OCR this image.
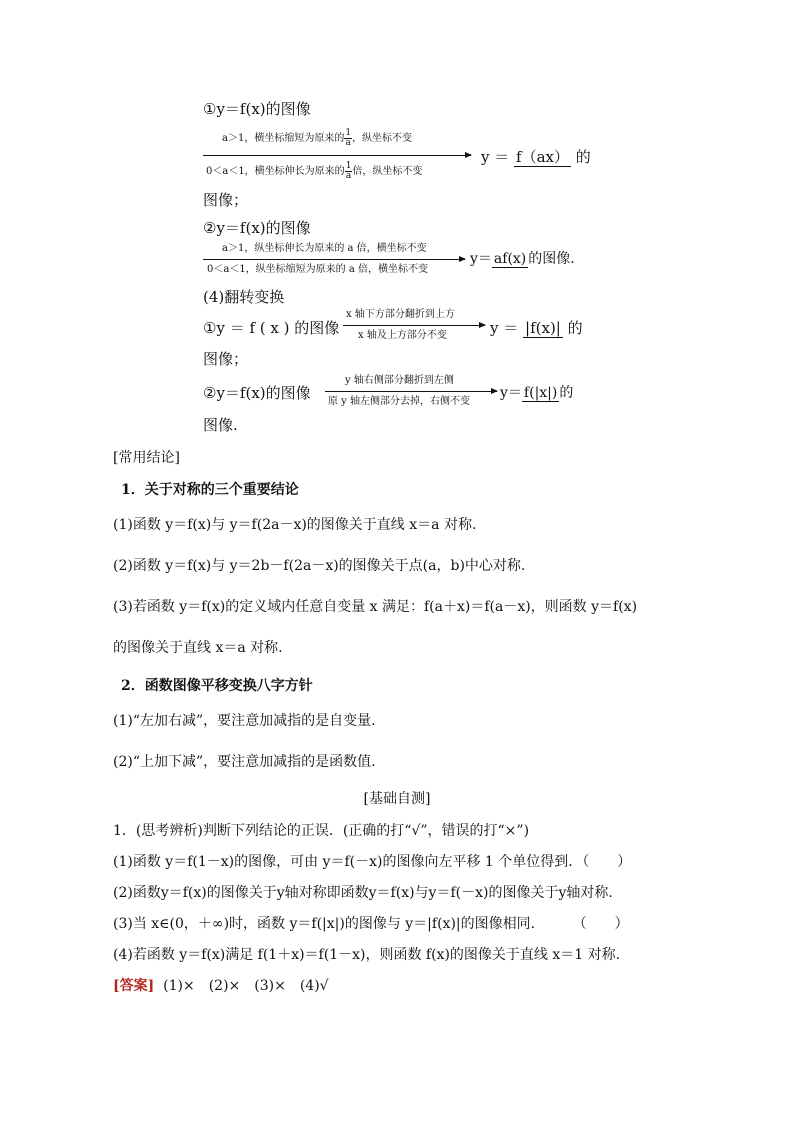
①y＝f(x)的图像
a＞1，横坐标缩短为原来的 $\frac{1}{a}$ ，纵坐标不变
0＜a＜1，横坐标伸长为原来的 $\frac{1}{a}$ 倍，纵坐标不变
y ＝ f（ax） 的
图像；
②y＝f(x)的图像
a＞1，纵坐标伸长为原来的 a 倍，横坐标不变
0＜a＜1，纵坐标缩短为原来的 a 倍，横坐标不变
y＝ af(x) 的图像.
(4)翻转变换
①y ＝ f ( x ) 的图像
x 轴下方部分翻折到上方
x 轴及上方部分不变	y ＝ |f(x)| 的
图像；
②y＝f(x)的图像
y 轴右侧部分翻折到左侧
原 y 轴左侧部分去掉，右侧不变
y＝ f(|x|) 的
图像.
[常用结论]
1．关于对称的三个重要结论
(1)函数 y＝f(x)与 y＝f(2a－x)的图像关于直线 x＝a 对称.
(2)函数 y＝f(x)与 y＝2b－f(2a－x)的图像关于点(a，b)中心对称.
(3)若函数 y＝f(x)的定义域内任意自变量 x 满足：f(a＋x)＝f(a－x)，则函数 y＝f(x)
的图像关于直线 x＝a 对称.
2．函数图像平移变换八字方针
(1)“左加右减”，要注意加减指的是自变量.
(2)“上加下减”，要注意加减指的是函数值.
[基础自测]
1．(思考辨析)判断下列结论的正误．(正确的打“√”，错误的打“×”)
(1)函数 y＝f(1－x)的图像，可由 y＝f(－x)的图像向左平移 1 个单位得到．（　　）
(2)函数y＝f(x)的图像关于y轴对称即函数y＝f(x)与y＝f(－x)的图像关于y轴对称.
(3)当 x∈(0，＋∞)时，函数 y＝f(|x|)的图像与 y＝|f(x)|的图像相同．　　　（　　）
(4)若函数 y＝f(x)满足 f(1＋x)＝f(1－x)，则函数 f(x)的图像关于直线 x＝1 对称.
[答案] (1)×　(2)×　(3)×　(4)√
